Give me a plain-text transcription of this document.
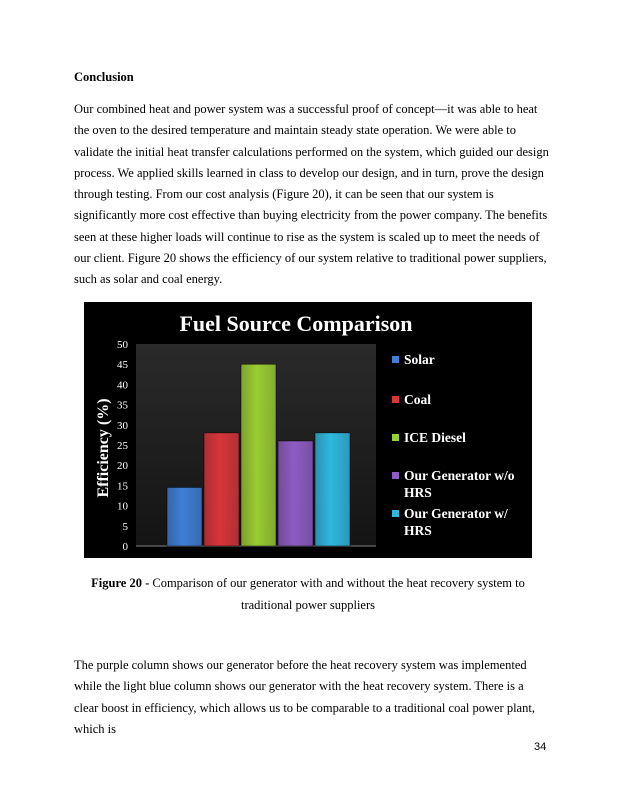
Conclusion

Our combined heat and power system was a successful proof of concept—it was able to heat the oven to the desired temperature and maintain steady state operation. We were able to validate the initial heat transfer calculations performed on the system, which guided our design process. We applied skills learned in class to develop our design, and in turn, prove the design through testing. From our cost analysis (Figure 20), it can be seen that our system is significantly more cost effective than buying electricity from the power company. The benefits seen at these higher loads will continue to rise as the system is scaled up to meet the needs of our client. Figure 20 shows the efficiency of our system relative to traditional power suppliers, such as solar and coal energy.

Fuel Source Comparison
Efficiency (%)
0
5
10
15
20
25
30
35
40
45
50
Solar
Coal
ICE Diesel
Our Generator w/o HRS
Our Generator w/ HRS
Figure 20 - Comparison of our generator with and without the heat recovery system to traditional power suppliers

The purple column shows our generator before the heat recovery system was implemented while the light blue column shows our generator with the heat recovery system. There is a clear boost in efficiency, which allows us to be comparable to a traditional coal power plant, which is

34
